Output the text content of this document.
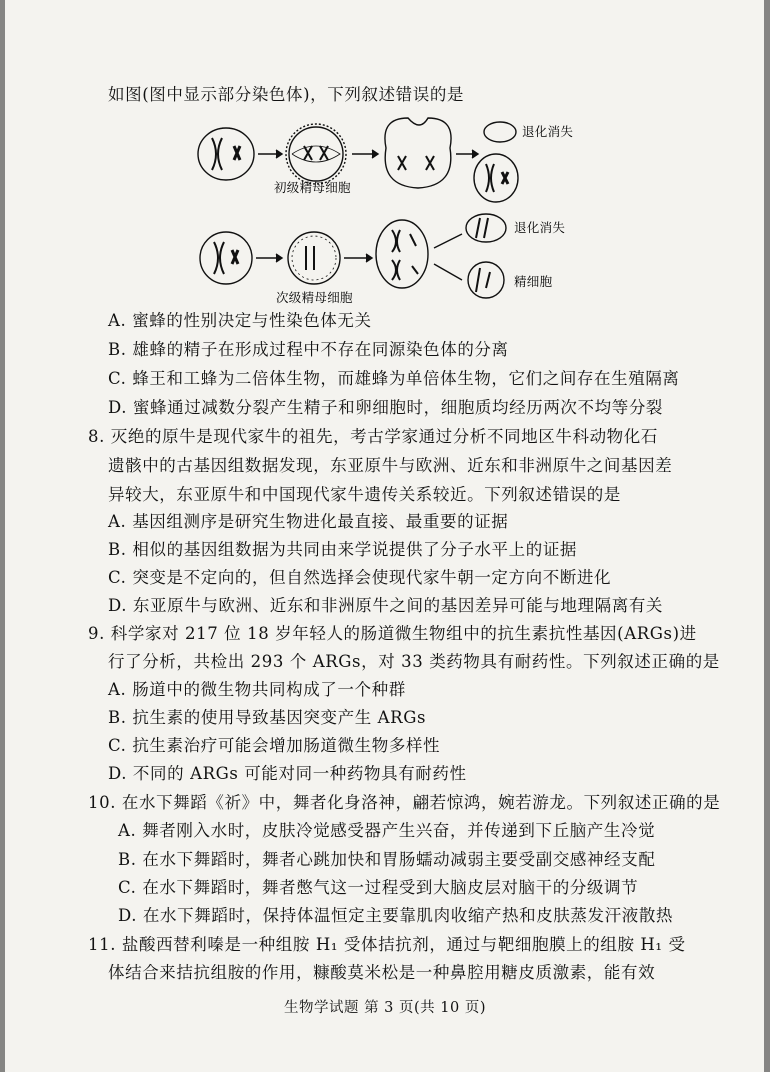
如图(图中显示部分染色体)，下列叙述错误的是
初级精母细胞
次级精母细胞
退化消失
退化消失
精细胞
A. 蜜蜂的性别决定与性染色体无关
B. 雄蜂的精子在形成过程中不存在同源染色体的分离
C. 蜂王和工蜂为二倍体生物，而雄蜂为单倍体生物，它们之间存在生殖隔离
D. 蜜蜂通过减数分裂产生精子和卵细胞时，细胞质均经历两次不均等分裂
8. 灭绝的原牛是现代家牛的祖先，考古学家通过分析不同地区牛科动物化石
遗骸中的古基因组数据发现，东亚原牛与欧洲、近东和非洲原牛之间基因差
异较大，东亚原牛和中国现代家牛遗传关系较近。下列叙述错误的是
A. 基因组测序是研究生物进化最直接、最重要的证据
B. 相似的基因组数据为共同由来学说提供了分子水平上的证据
C. 突变是不定向的，但自然选择会使现代家牛朝一定方向不断进化
D. 东亚原牛与欧洲、近东和非洲原牛之间的基因差异可能与地理隔离有关
9. 科学家对 217 位 18 岁年轻人的肠道微生物组中的抗生素抗性基因(ARGs)进
行了分析，共检出 293 个 ARGs，对 33 类药物具有耐药性。下列叙述正确的是
A. 肠道中的微生物共同构成了一个种群
B. 抗生素的使用导致基因突变产生 ARGs
C. 抗生素治疗可能会增加肠道微生物多样性
D. 不同的 ARGs 可能对同一种药物具有耐药性
10. 在水下舞蹈《祈》中，舞者化身洛神，翩若惊鸿，婉若游龙。下列叙述正确的是
A. 舞者刚入水时，皮肤冷觉感受器产生兴奋，并传递到下丘脑产生冷觉
B. 在水下舞蹈时，舞者心跳加快和胃肠蠕动减弱主要受副交感神经支配
C. 在水下舞蹈时，舞者憋气这一过程受到大脑皮层对脑干的分级调节
D. 在水下舞蹈时，保持体温恒定主要靠肌肉收缩产热和皮肤蒸发汗液散热
11. 盐酸西替利嗪是一种组胺 H₁ 受体拮抗剂，通过与靶细胞膜上的组胺 H₁ 受
体结合来拮抗组胺的作用，糠酸莫米松是一种鼻腔用糖皮质激素，能有效
生物学试题 第 3 页(共 10 页)
